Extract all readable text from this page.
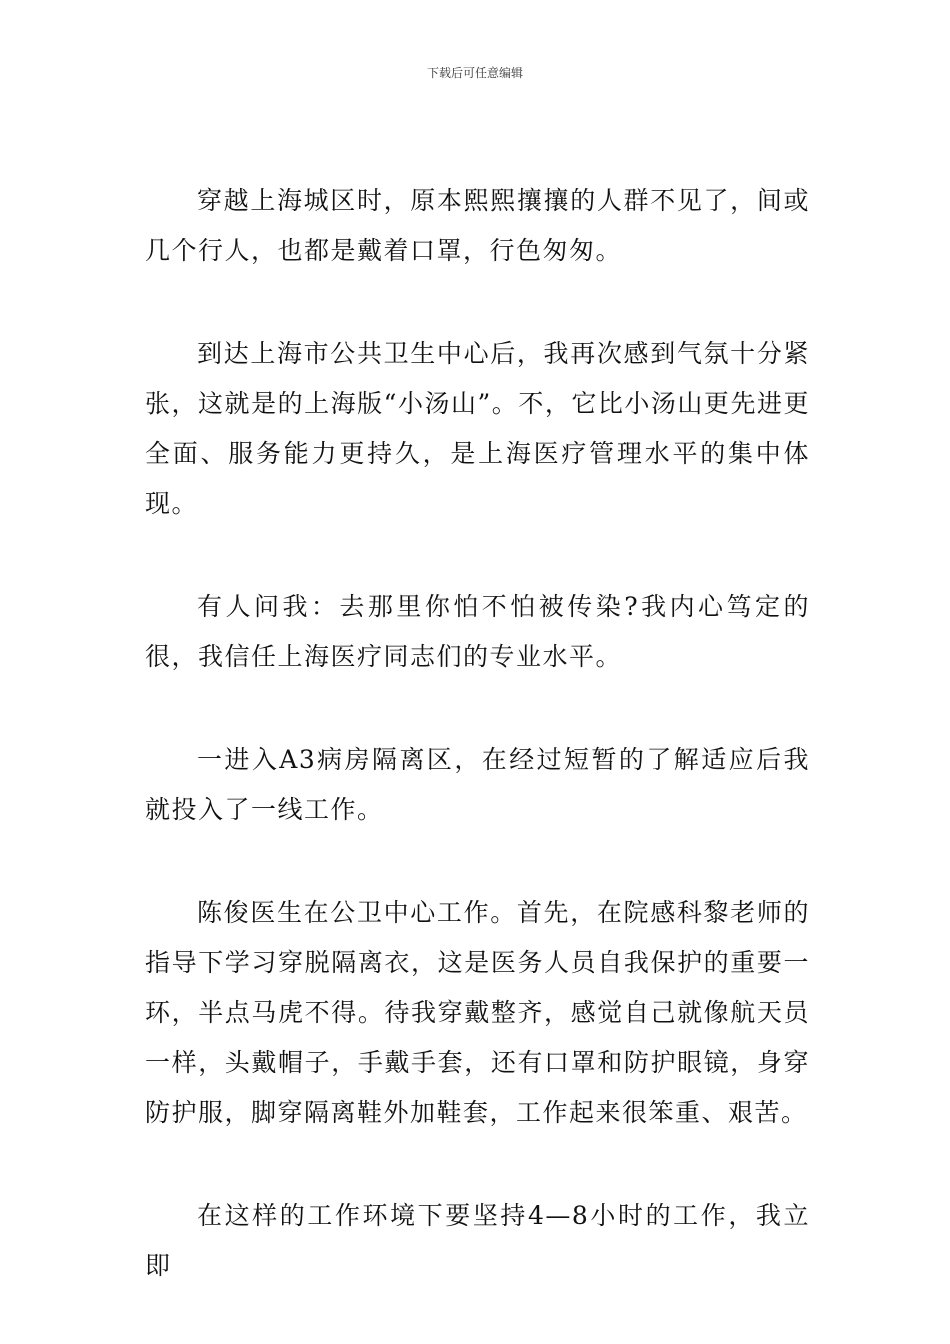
下载后可任意编辑

穿越上海城区时，原本熙熙攘攘的人群不见了，间或几个行人，也都是戴着口罩，行色匆匆。

到达上海市公共卫生中心后，我再次感到气氛十分紧张，这就是的上海版“小汤山”。不，它比小汤山更先进更全面、服务能力更持久，是上海医疗管理水平的集中体现。

有人问我：去那里你怕不怕被传染?我内心笃定的很，我信任上海医疗同志们的专业水平。

一进入A3病房隔离区，在经过短暂的了解适应后我就投入了一线工作。

陈俊医生在公卫中心工作。首先，在院感科黎老师的指导下学习穿脱隔离衣，这是医务人员自我保护的重要一环，半点马虎不得。待我穿戴整齐，感觉自己就像航天员一样，头戴帽子，手戴手套，还有口罩和防护眼镜，身穿防护服，脚穿隔离鞋外加鞋套，工作起来很笨重、艰苦。

在这样的工作环境下要坚持4—8小时的工作，我立即
